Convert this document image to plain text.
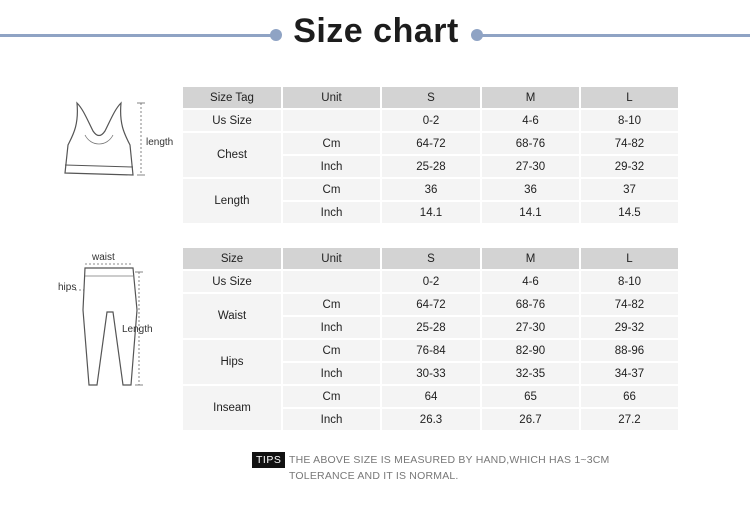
Size chart
length
waist
hips
Length
Size Tag	Unit	S	M	L
Us Size		0-2	4-6	8-10
Chest	Cm	64-72	68-76	74-82
	Inch	25-28	27-30	29-32
Length	Cm	36	36	37
	Inch	14.1	14.1	14.5
Size	Unit	S	M	L
Us Size		0-2	4-6	8-10
Waist	Cm	64-72	68-76	74-82
	Inch	25-28	27-30	29-32
Hips	Cm	76-84	82-90	88-96
	Inch	30-33	32-35	34-37
Inseam	Cm	64	65	66
	Inch	26.3	26.7	27.2
TIPS THE ABOVE SIZE IS MEASURED BY HAND,WHICH HAS 1~3CM
TOLERANCE AND IT IS NORMAL.
